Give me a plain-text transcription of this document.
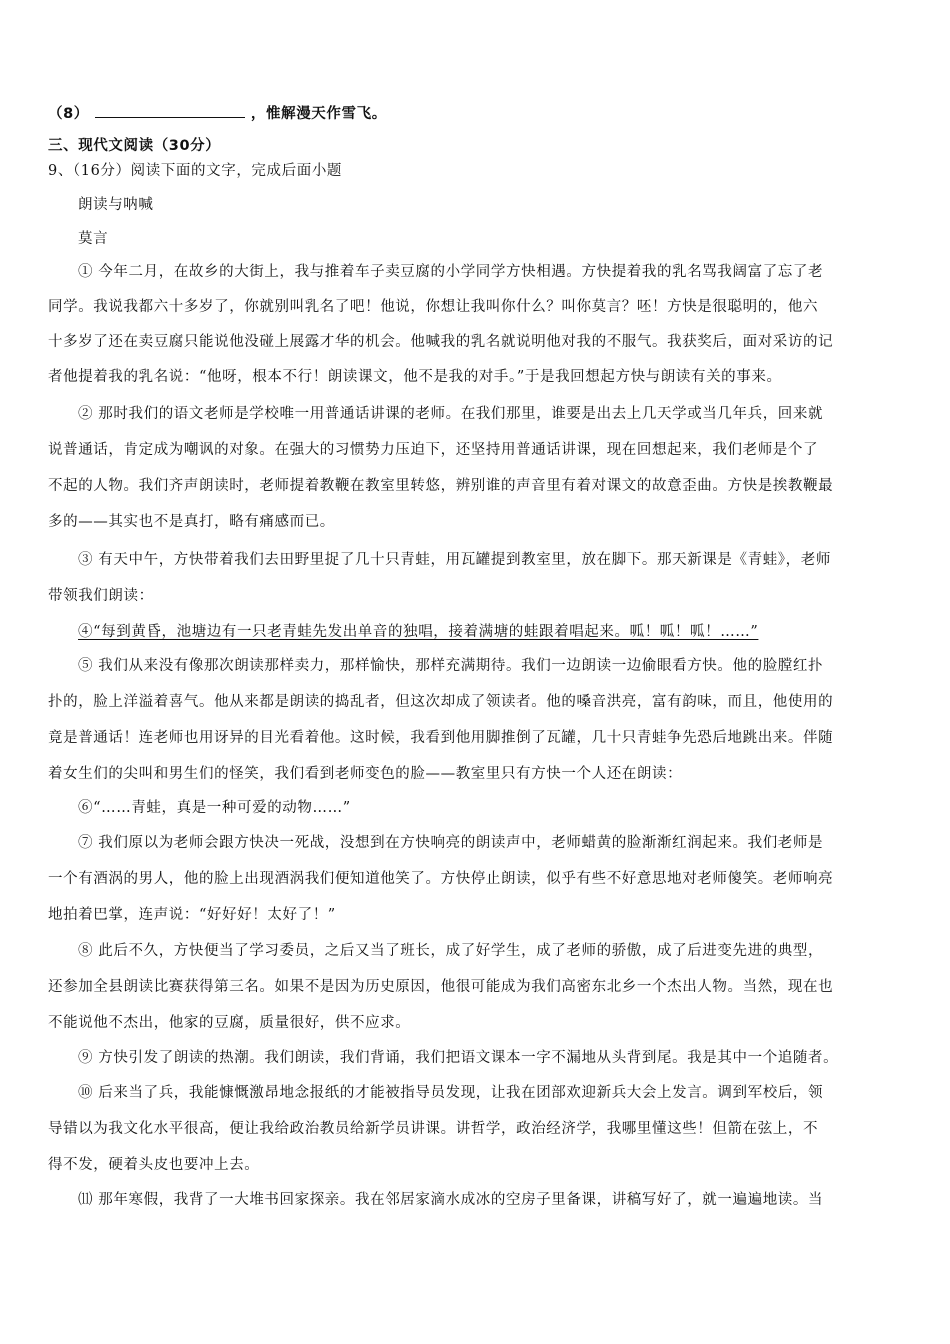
（8）	，惟解漫天作雪飞。
三、现代文阅读（30分）
9、（16分）阅读下面的文字，完成后面小题
朗读与呐喊
莫言
① 今年二月，在故乡的大街上，我与推着车子卖豆腐的小学同学方快相遇。方快提着我的乳名骂我阔富了忘了老
同学。我说我都六十多岁了，你就别叫乳名了吧！他说，你想让我叫你什么？叫你莫言？呸！方快是很聪明的，他六
十多岁了还在卖豆腐只能说他没碰上展露才华的机会。他喊我的乳名就说明他对我的不服气。我获奖后，面对采访的记
者他提着我的乳名说：“他呀，根本不行！朗读课文，他不是我的对手。”于是我回想起方快与朗读有关的事来。
② 那时我们的语文老师是学校唯一用普通话讲课的老师。在我们那里，谁要是出去上几天学或当几年兵，回来就
说普通话，肯定成为嘲讽的对象。在强大的习惯势力压迫下，还坚持用普通话讲课，现在回想起来，我们老师是个了
不起的人物。我们齐声朗读时，老师提着教鞭在教室里转悠，辨别谁的声音里有着对课文的故意歪曲。方快是挨教鞭最
多的——其实也不是真打，略有痛感而已。
③ 有天中午，方快带着我们去田野里捉了几十只青蛙，用瓦罐提到教室里，放在脚下。那天新课是《青蛙》，老师
带领我们朗读：
④“每到黄昏，池塘边有一只老青蛙先发出单音的独唱，接着满塘的蛙跟着唱起来。呱！呱！呱！……”
⑤ 我们从来没有像那次朗读那样卖力，那样愉快，那样充满期待。我们一边朗读一边偷眼看方快。他的脸膛红扑
扑的，脸上洋溢着喜气。他从来都是朗读的捣乱者，但这次却成了领读者。他的嗓音洪亮，富有韵味，而且，他使用的
竟是普通话！连老师也用讶异的目光看着他。这时候，我看到他用脚推倒了瓦罐，几十只青蛙争先恐后地跳出来。伴随
着女生们的尖叫和男生们的怪笑，我们看到老师变色的脸——教室里只有方快一个人还在朗读：
⑥“……青蛙，真是一种可爱的动物……”
⑦ 我们原以为老师会跟方快决一死战，没想到在方快响亮的朗读声中，老师蜡黄的脸渐渐红润起来。我们老师是
一个有酒涡的男人，他的脸上出现酒涡我们便知道他笑了。方快停止朗读，似乎有些不好意思地对老师傻笑。老师响亮
地拍着巴掌，连声说：“好好好！太好了！”
⑧ 此后不久，方快便当了学习委员，之后又当了班长，成了好学生，成了老师的骄傲，成了后进变先进的典型，
还参加全县朗读比赛获得第三名。如果不是因为历史原因，他很可能成为我们高密东北乡一个杰出人物。当然，现在也
不能说他不杰出，他家的豆腐，质量很好，供不应求。
⑨ 方快引发了朗读的热潮。我们朗读，我们背诵，我们把语文课本一字不漏地从头背到尾。我是其中一个追随者。
⑩ 后来当了兵，我能慷慨激昂地念报纸的才能被指导员发现，让我在团部欢迎新兵大会上发言。调到军校后，领
导错以为我文化水平很高，便让我给政治教员给新学员讲课。讲哲学，政治经济学，我哪里懂这些！但箭在弦上，不
得不发，硬着头皮也要冲上去。
⑾ 那年寒假，我背了一大堆书回家探亲。我在邻居家滴水成冰的空房子里备课，讲稿写好了，就一遍遍地读。当
